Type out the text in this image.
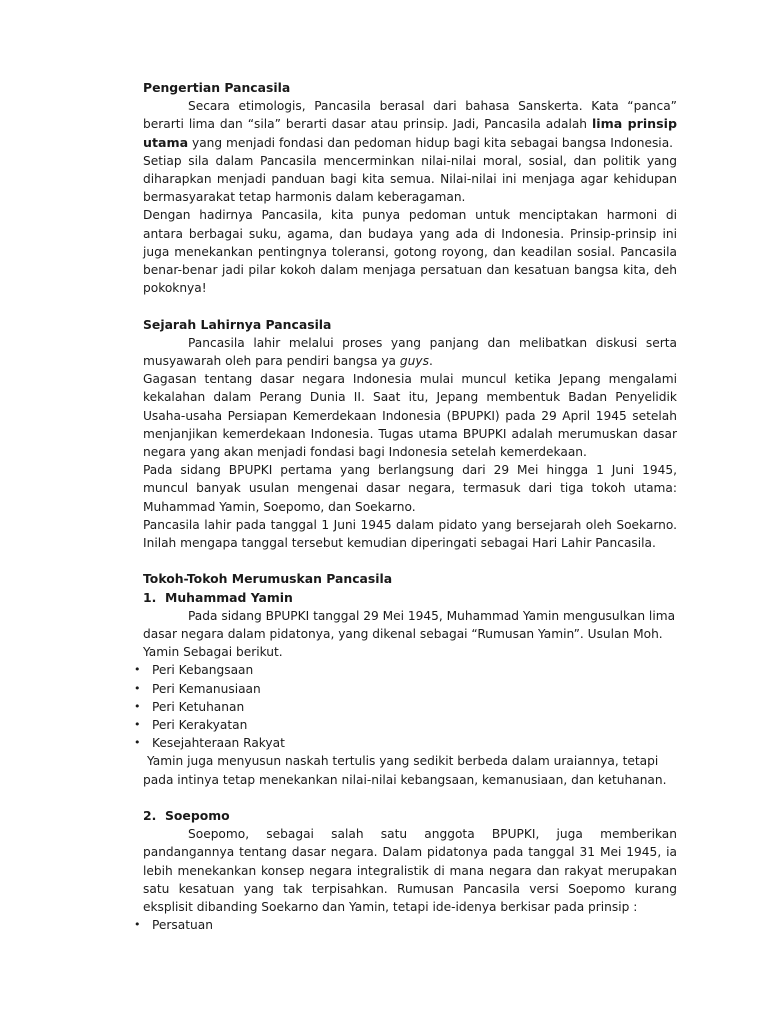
Pengertian Pancasila

Secara etimologis, Pancasila berasal dari bahasa Sanskerta. Kata “panca” berarti lima dan “sila” berarti dasar atau prinsip. Jadi, Pancasila adalah lima prinsip utama yang menjadi fondasi dan pedoman hidup bagi kita sebagai bangsa Indonesia.

Setiap sila dalam Pancasila mencerminkan nilai-nilai moral, sosial, dan politik yang diharapkan menjadi panduan bagi kita semua. Nilai-nilai ini menjaga agar kehidupan bermasyarakat tetap harmonis dalam keberagaman.

Dengan hadirnya Pancasila, kita punya pedoman untuk menciptakan harmoni di antara berbagai suku, agama, dan budaya yang ada di Indonesia. Prinsip-prinsip ini juga menekankan pentingnya toleransi, gotong royong, dan keadilan sosial. Pancasila benar-benar jadi pilar kokoh dalam menjaga persatuan dan kesatuan bangsa kita, deh pokoknya!

Sejarah Lahirnya Pancasila

Pancasila lahir melalui proses yang panjang dan melibatkan diskusi serta musyawarah oleh para pendiri bangsa ya guys.

Gagasan tentang dasar negara Indonesia mulai muncul ketika Jepang mengalami kekalahan dalam Perang Dunia II. Saat itu, Jepang membentuk Badan Penyelidik Usaha-usaha Persiapan Kemerdekaan Indonesia (BPUPKI) pada 29 April 1945 setelah menjanjikan kemerdekaan Indonesia. Tugas utama BPUPKI adalah merumuskan dasar negara yang akan menjadi fondasi bagi Indonesia setelah kemerdekaan.

Pada sidang BPUPKI pertama yang berlangsung dari 29 Mei hingga 1 Juni 1945, muncul banyak usulan mengenai dasar negara, termasuk dari tiga tokoh utama: Muhammad Yamin, Soepomo, dan Soekarno.

Pancasila lahir pada tanggal 1 Juni 1945 dalam pidato yang bersejarah oleh Soekarno. Inilah mengapa tanggal tersebut kemudian diperingati sebagai Hari Lahir Pancasila.

Tokoh-Tokoh Merumuskan Pancasila

1. Muhammad Yamin

Pada sidang BPUPKI tanggal 29 Mei 1945, Muhammad Yamin mengusulkan lima

dasar negara dalam pidatonya, yang dikenal sebagai “Rumusan Yamin”. Usulan Moh.

Yamin Sebagai berikut.

• Peri Kebangsaan
• Peri Kemanusiaan
• Peri Ketuhanan
• Peri Kerakyatan
• Kesejahteraan Rakyat

Yamin juga menyusun naskah tertulis yang sedikit berbeda dalam uraiannya, tetapi

pada intinya tetap menekankan nilai-nilai kebangsaan, kemanusiaan, dan ketuhanan.

2. Soepomo

Soepomo, sebagai salah satu anggota BPUPKI, juga memberikan pandangannya tentang dasar negara. Dalam pidatonya pada tanggal 31 Mei 1945, ia lebih menekankan konsep negara integralistik di mana negara dan rakyat merupakan satu kesatuan yang tak terpisahkan. Rumusan Pancasila versi Soepomo kurang eksplisit dibanding Soekarno dan Yamin, tetapi ide-idenya berkisar pada prinsip :

• Persatuan
